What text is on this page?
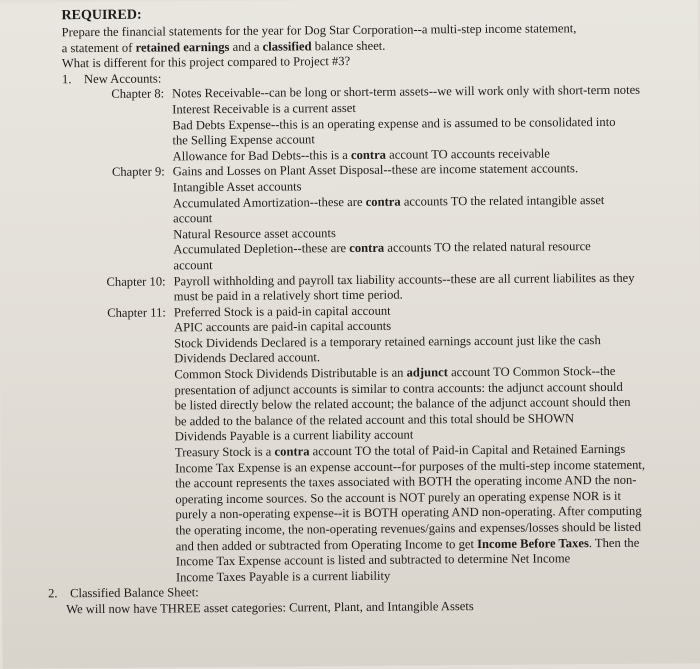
REQUIRED:

Prepare the financial statements for the year for Dog Star Corporation--a multi-step income statement,

a statement of retained earnings and a classified balance sheet.

What is different for this project compared to Project #3?

1. New Accounts:

Chapter 8: Notes Receivable--can be long or short-term assets--we will work only with short-term notes

Interest Receivable is a current asset

Bad Debts Expense--this is an operating expense and is assumed to be consolidated into

the Selling Expense account

Allowance for Bad Debts--this is a contra account TO accounts receivable

Chapter 9: Gains and Losses on Plant Asset Disposal--these are income statement accounts.

Intangible Asset accounts

Accumulated Amortization--these are contra accounts TO the related intangible asset

account

Natural Resource asset accounts

Accumulated Depletion--these are contra accounts TO the related natural resource

account

Chapter 10: Payroll withholding and payroll tax liability accounts--these are all current liabilites as they

must be paid in a relatively short time period.

Chapter 11: Preferred Stock is a paid-in capital account

APIC accounts are paid-in capital accounts

Stock Dividends Declared is a temporary retained earnings account just like the cash

Dividends Declared account.

Common Stock Dividends Distributable is an adjunct account TO Common Stock--the

presentation of adjunct accounts is similar to contra accounts: the adjunct account should

be listed directly below the related account; the balance of the adjunct account should then

be added to the balance of the related account and this total should be SHOWN

Dividends Payable is a current liability account

Treasury Stock is a contra account TO the total of Paid-in Capital and Retained Earnings

Income Tax Expense is an expense account--for purposes of the multi-step income statement,

the account represents the taxes associated with BOTH the operating income AND the non-

operating income sources. So the account is NOT purely an operating expense NOR is it

purely a non-operating expense--it is BOTH operating AND non-operating. After computing

the operating income, the non-operating revenues/gains and expenses/losses should be listed

and then added or subtracted from Operating Income to get Income Before Taxes. Then the

Income Tax Expense account is listed and subtracted to determine Net Income

Income Taxes Payable is a current liability

2. Classified Balance Sheet:

We will now have THREE asset categories: Current, Plant, and Intangible Assets
